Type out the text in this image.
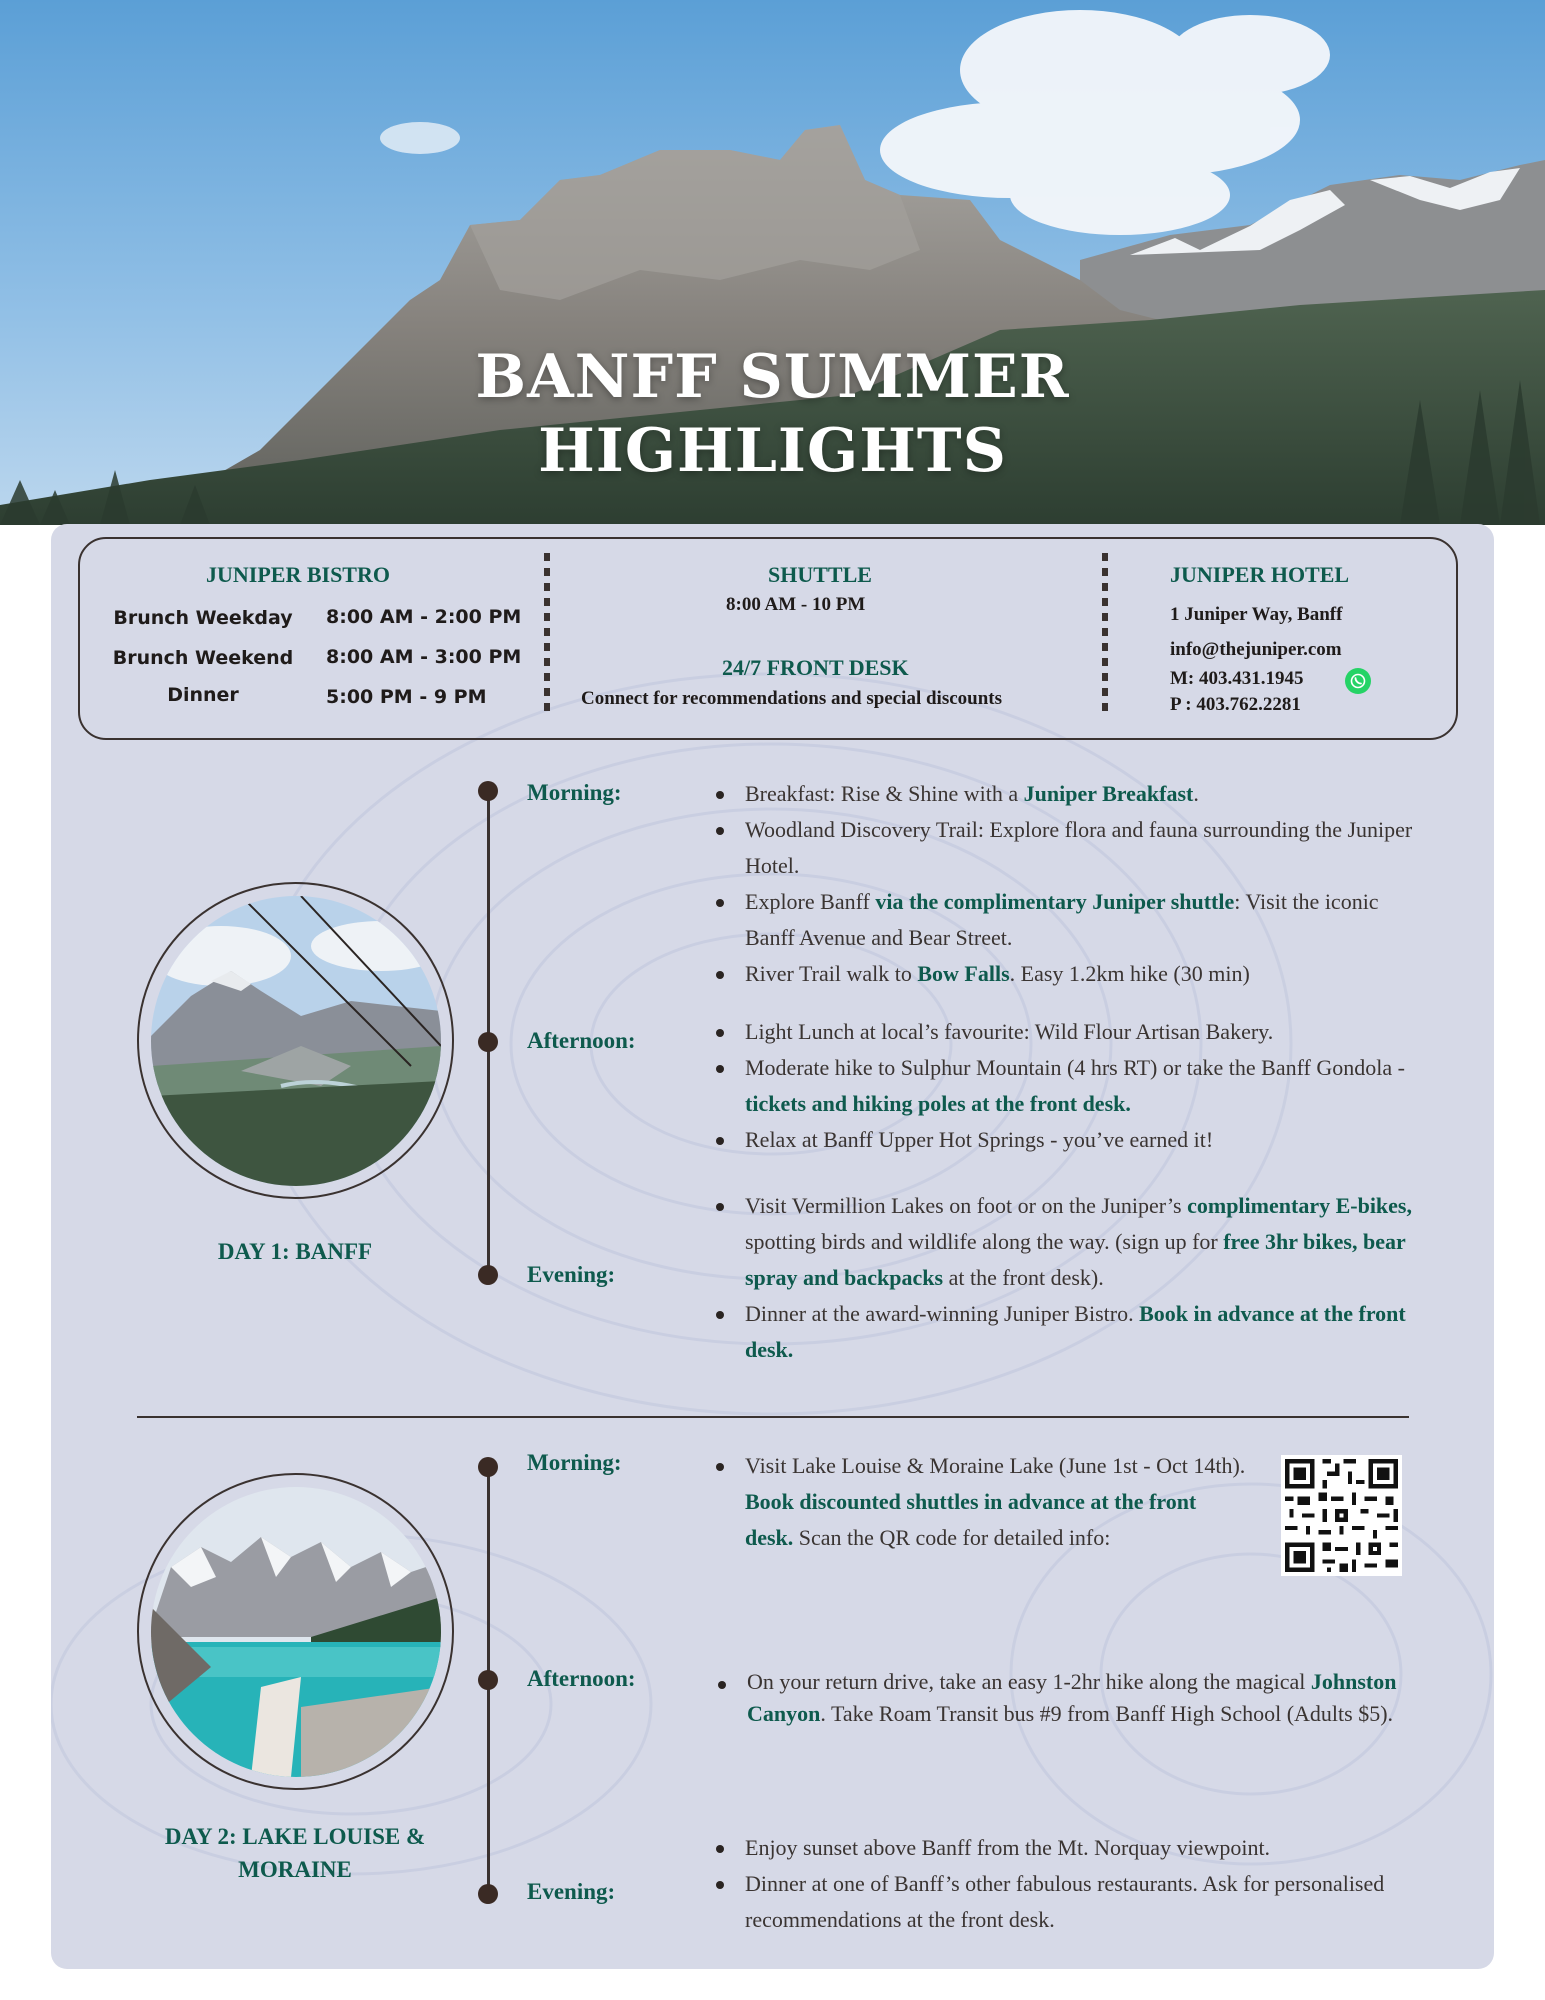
BANFF SUMMER
HIGHLIGHTS
JUNIPER BISTRO
Brunch Weekday	8:00 AM - 2:00 PM
Brunch Weekend	8:00 AM - 3:00 PM
Dinner	5:00 PM - 9 PM
SHUTTLE
8:00 AM - 10 PM
24/7 FRONT DESK
Connect for recommendations and special discounts
JUNIPER HOTEL
1 Juniper Way, Banff
info@thejuniper.com
M: 403.431.1945
P : 403.762.2281
Morning:
Afternoon:
Evening:
DAY 1: BANFF
Breakfast: Rise & Shine with a Juniper Breakfast.
Woodland Discovery Trail: Explore flora and fauna surrounding the Juniper Hotel.
Explore Banff via the complimentary Juniper shuttle: Visit the iconic Banff Avenue and Bear Street.
River Trail walk to Bow Falls. Easy 1.2km hike (30 min)
Light Lunch at local’s favourite: Wild Flour Artisan Bakery.
Moderate hike to Sulphur Mountain (4 hrs RT) or take the Banff Gondola - tickets and hiking poles at the front desk.
Relax at Banff Upper Hot Springs - you’ve earned it!
Visit Vermillion Lakes on foot or on the Juniper’s complimentary E-bikes, spotting birds and wildlife along the way. (sign up for free 3hr bikes, bear spray and backpacks at the front desk).
Dinner at the award-winning Juniper Bistro. Book in advance at the front desk.
Morning:
Afternoon:
Evening:
DAY 2: LAKE LOUISE &
MORAINE
Visit Lake Louise & Moraine Lake (June 1st - Oct 14th). Book discounted shuttles in advance at the front desk. Scan the QR code for detailed info:
On your return drive, take an easy 1-2hr hike along the magical Johnston Canyon. Take Roam Transit bus #9 from Banff High School (Adults $5).
Enjoy sunset above Banff from the Mt. Norquay viewpoint.
Dinner at one of Banff’s other fabulous restaurants. Ask for personalised recommendations at the front desk.
